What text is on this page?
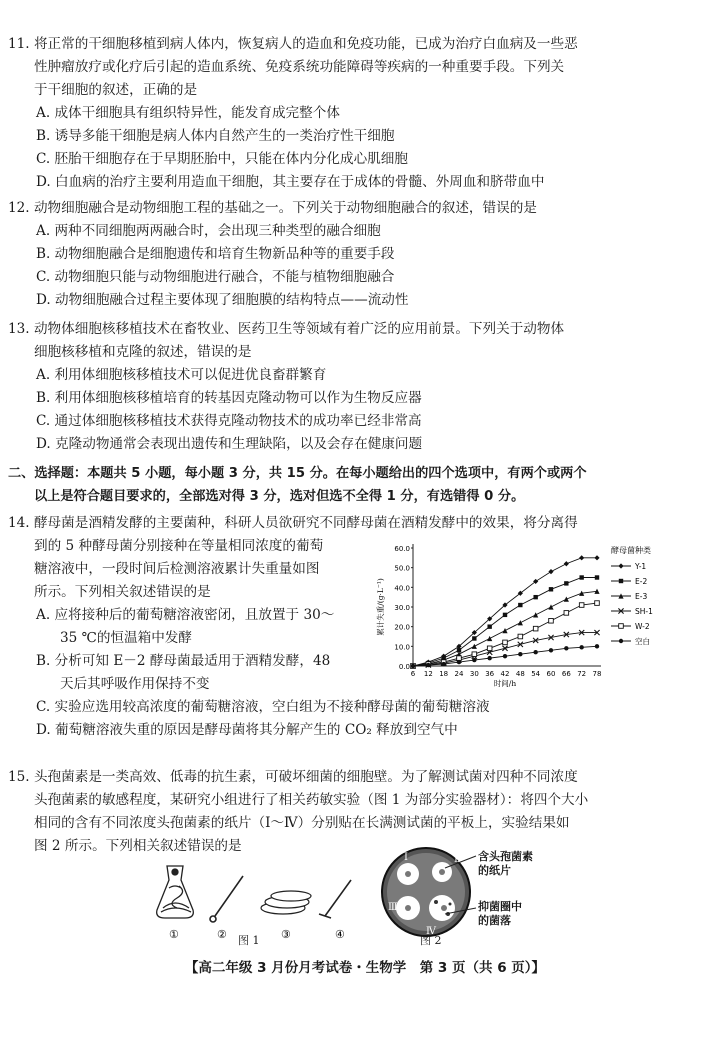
11. 将正常的干细胞移植到病人体内，恢复病人的造血和免疫功能，已成为治疗白血病及一些恶

性肿瘤放疗或化疗后引起的造血系统、免疫系统功能障碍等疾病的一种重要手段。下列关

于干细胞的叙述，正确的是

A. 成体干细胞具有组织特异性，能发育成完整个体

B. 诱导多能干细胞是病人体内自然产生的一类治疗性干细胞

C. 胚胎干细胞存在于早期胚胎中，只能在体内分化成心肌细胞

D. 白血病的治疗主要利用造血干细胞，其主要存在于成体的骨髓、外周血和脐带血中

12. 动物细胞融合是动物细胞工程的基础之一。下列关于动物细胞融合的叙述，错误的是

A. 两种不同细胞两两融合时，会出现三种类型的融合细胞

B. 动物细胞融合是细胞遗传和培育生物新品种等的重要手段

C. 动物细胞只能与动物细胞进行融合，不能与植物细胞融合

D. 动物细胞融合过程主要体现了细胞膜的结构特点——流动性

13. 动物体细胞核移植技术在畜牧业、医药卫生等领域有着广泛的应用前景。下列关于动物体

细胞核移植和克隆的叙述，错误的是

A. 利用体细胞核移植技术可以促进优良畜群繁育

B. 利用体细胞核移植培育的转基因克隆动物可以作为生物反应器

C. 通过体细胞核移植技术获得克隆动物技术的成功率已经非常高

D. 克隆动物通常会表现出遗传和生理缺陷，以及会存在健康问题

二、选择题：本题共 5 小题，每小题 3 分，共 15 分。在每小题给出的四个选项中，有两个或两个

以上是符合题目要求的，全部选对得 3 分，选对但选不全得 1 分，有选错得 0 分。

14. 酵母菌是酒精发酵的主要菌种，科研人员欲研究不同酵母菌在酒精发酵中的效果，将分离得

到的 5 种酵母菌分别接种在等量相同浓度的葡萄

糖溶液中，一段时间后检测溶液累计失重量如图

所示。下列相关叙述错误的是

A. 应将接种后的葡萄糖溶液密闭，且放置于 30～

35 ℃的恒温箱中发酵

B. 分析可知 E－2 酵母菌最适用于酒精发酵，48

天后其呼吸作用保持不变

C. 实验应选用较高浓度的葡萄糖溶液，空白组为不接种酵母菌的葡萄糖溶液

D. 葡萄糖溶液失重的原因是酵母菌将其分解产生的 CO₂ 释放到空气中

60.0
50.0
40.0
30.0
20.0
10.0
0.0
6 12 18 24 30 36 42 48 54 60 66 72 78
时间/h
累计失重/(g·L⁻¹)
Y-1
E-2
E-3
SH-1
W-2
空白
酵母菌种类

15. 头孢菌素是一类高效、低毒的抗生素，可破坏细菌的细胞壁。为了解测试菌对四种不同浓度

头孢菌素的敏感程度，某研究小组进行了相关药敏实验（图 1 为部分实验器材）：将四个大小

相同的含有不同浓度头孢菌素的纸片（Ⅰ～Ⅳ）分别贴在长满测试菌的平板上，实验结果如

图 2 所示。下列相关叙述错误的是

①	②	③	④
图 1
Ⅰ	Ⅱ
Ⅲ
Ⅳ
含头孢菌素
的纸片
抑菌圈中
的菌落
图 2
【高二年级 3 月份月考试卷・生物学　第 3 页（共 6 页）】
